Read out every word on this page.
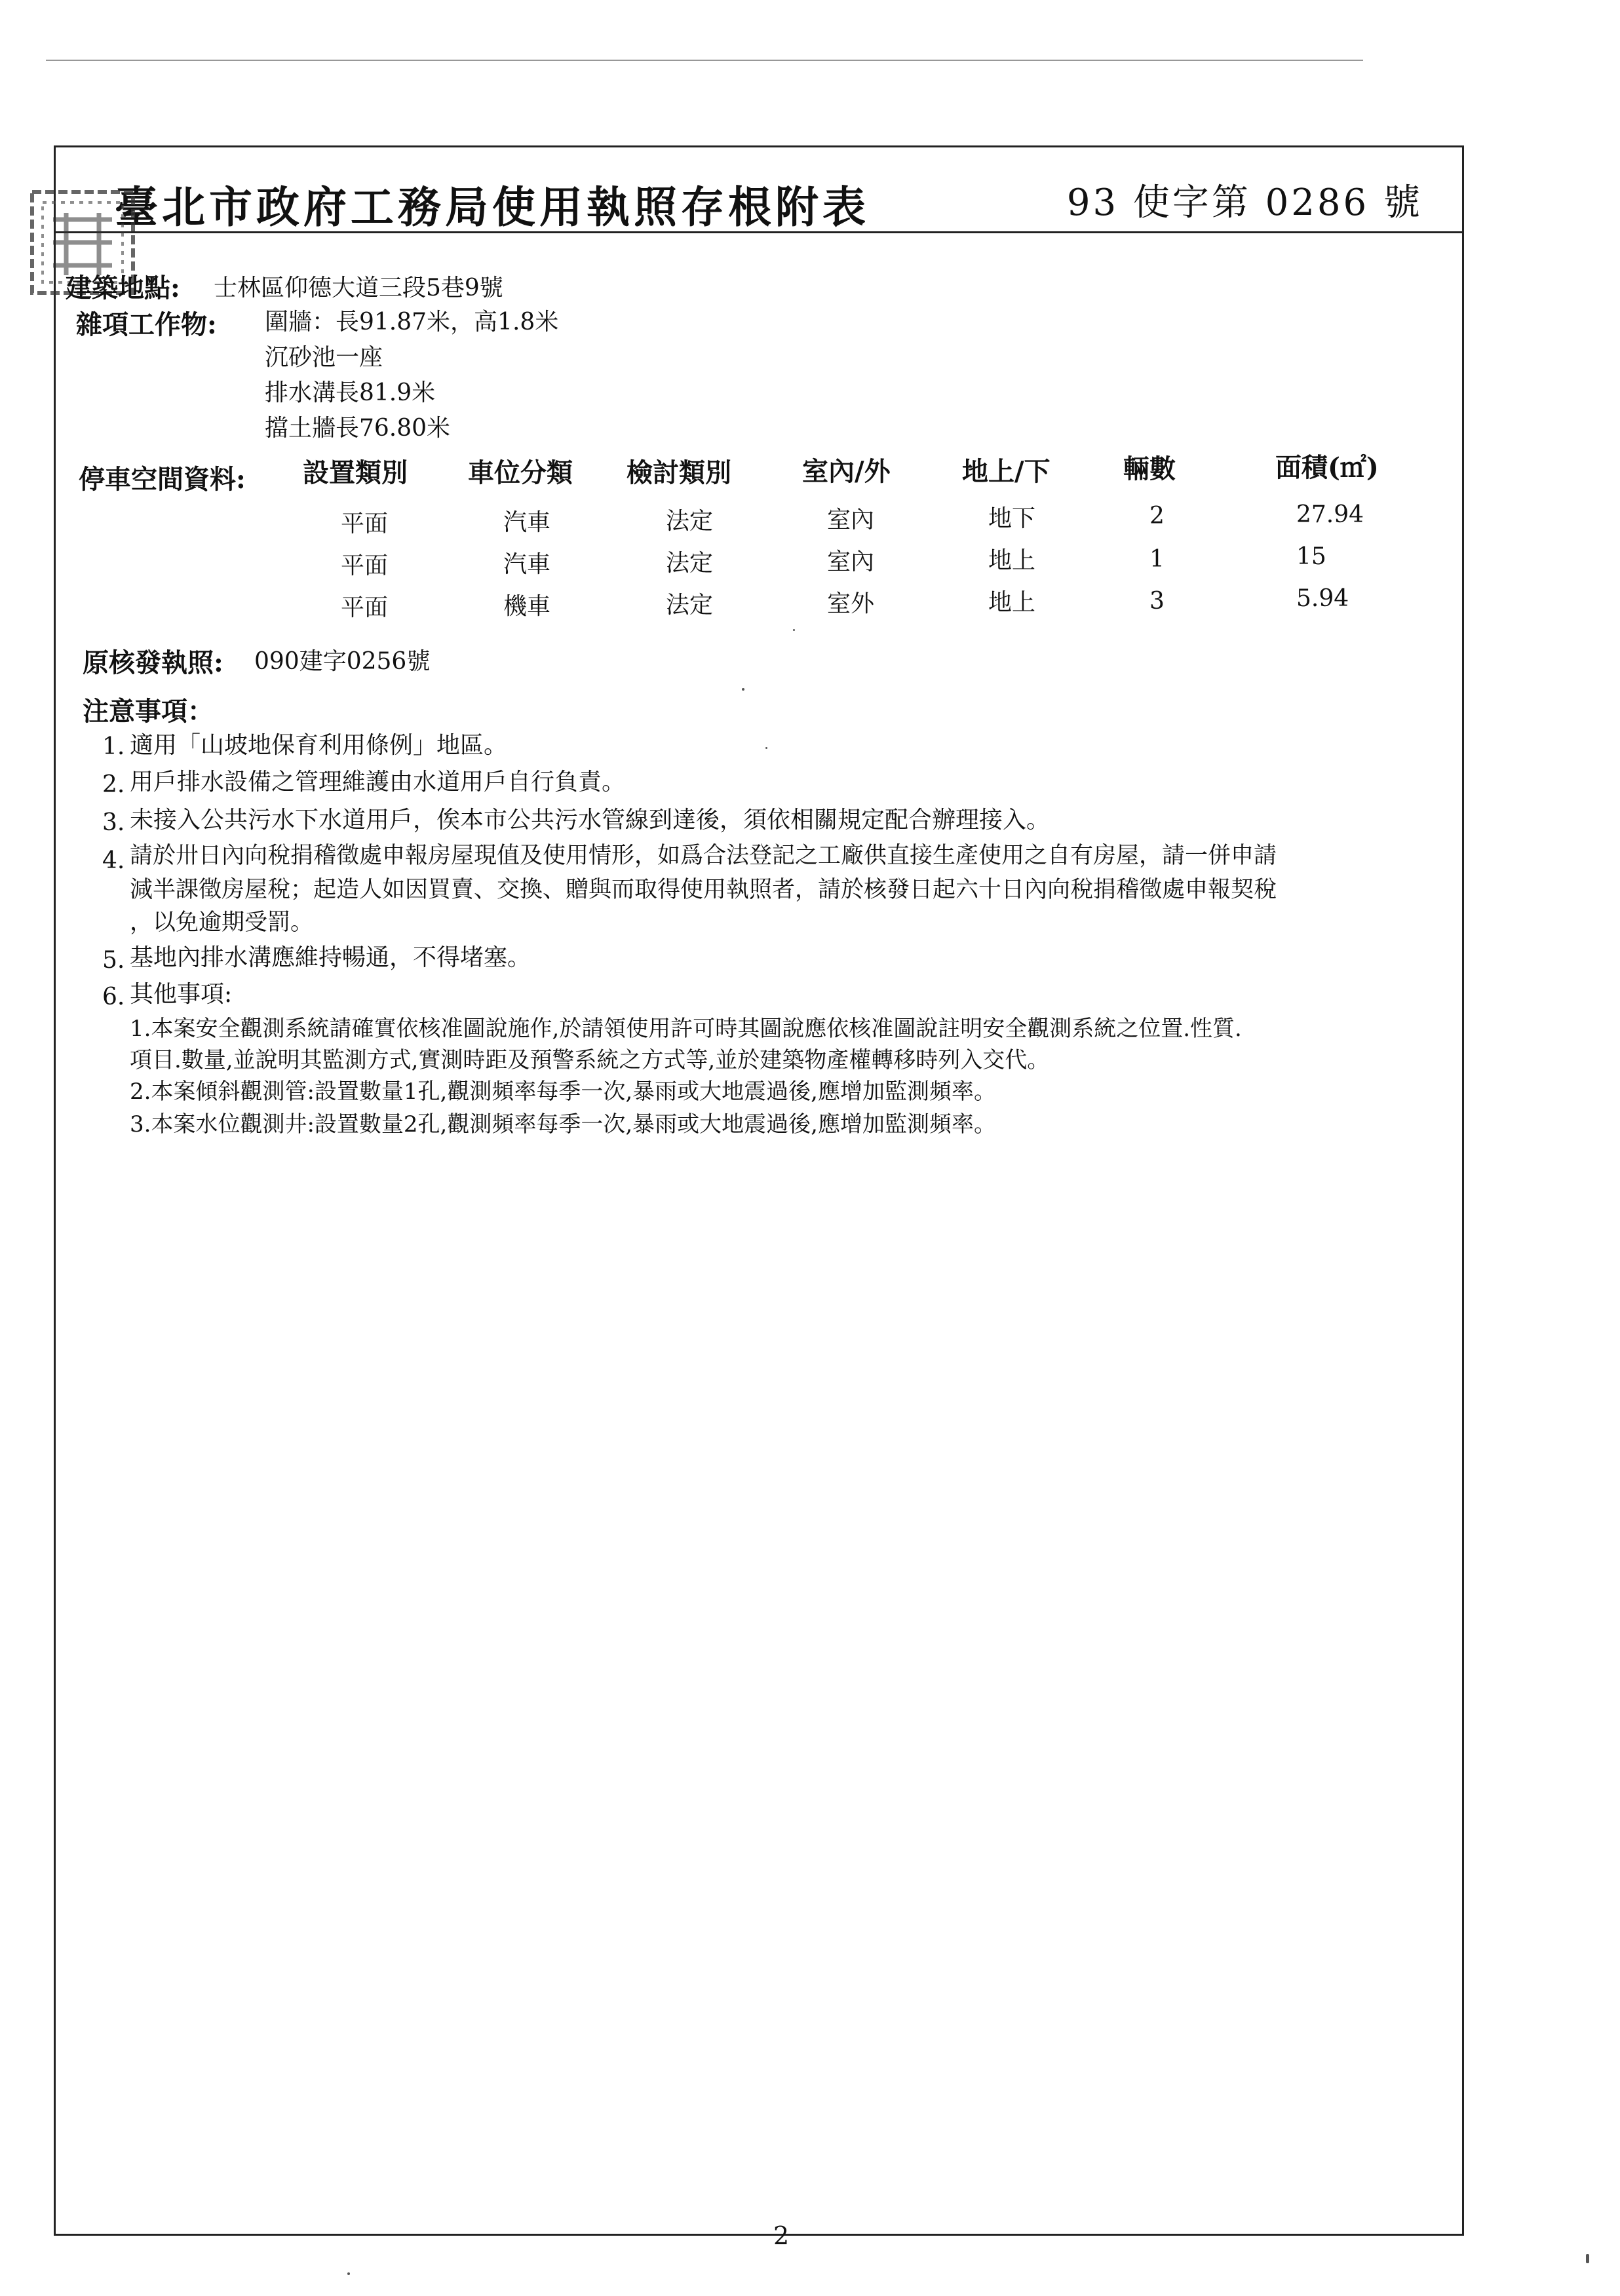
臺北市政府工務局使用執照存根附表	93 使字第 0286 號
建築地點: 士林區仰德大道三段5巷9號
雜項工作物: 圍牆：長91.87米，高1.8米
沉砂池一座
排水溝長81.9米
擋土牆長76.80米
停車空間資料: 設置類別 車位分類 檢討類別	室內/外	地上/下	輛數	面積(㎡)
平面	汽車	法定	室內	地下	2	27.94
平面	汽車	法定	室內	地上	1	15
平面	機車	法定	室外	地上	3	5.94
原核發執照: 090建字0256號
注意事項：
1. 適用「山坡地保育利用條例」地區。
2. 用戶排水設備之管理維護由水道用戶自行負責。
3. 未接入公共污水下水道用戶，俟本市公共污水管線到達後，須依相關規定配合辦理接入。
4. 請於卅日內向稅捐稽徵處申報房屋現值及使用情形，如爲合法登記之工廠供直接生產使用之自有房屋，請一併申請
減半課徵房屋稅；起造人如因買賣、交換、贈與而取得使用執照者，請於核發日起六十日內向稅捐稽徵處申報契稅
，以免逾期受罰。
5. 基地內排水溝應維持暢通，不得堵塞。
6. 其他事項:
1.本案安全觀測系統請確實依核准圖說施作,於請領使用許可時其圖說應依核准圖說註明安全觀測系統之位置.性質.
項目.數量,並說明其監測方式,實測時距及預警系統之方式等,並於建築物產權轉移時列入交代。
2.本案傾斜觀測管:設置數量1孔,觀測頻率每季一次,暴雨或大地震過後,應增加監測頻率。
3.本案水位觀測井:設置數量2孔,觀測頻率每季一次,暴雨或大地震過後,應增加監測頻率。
2
